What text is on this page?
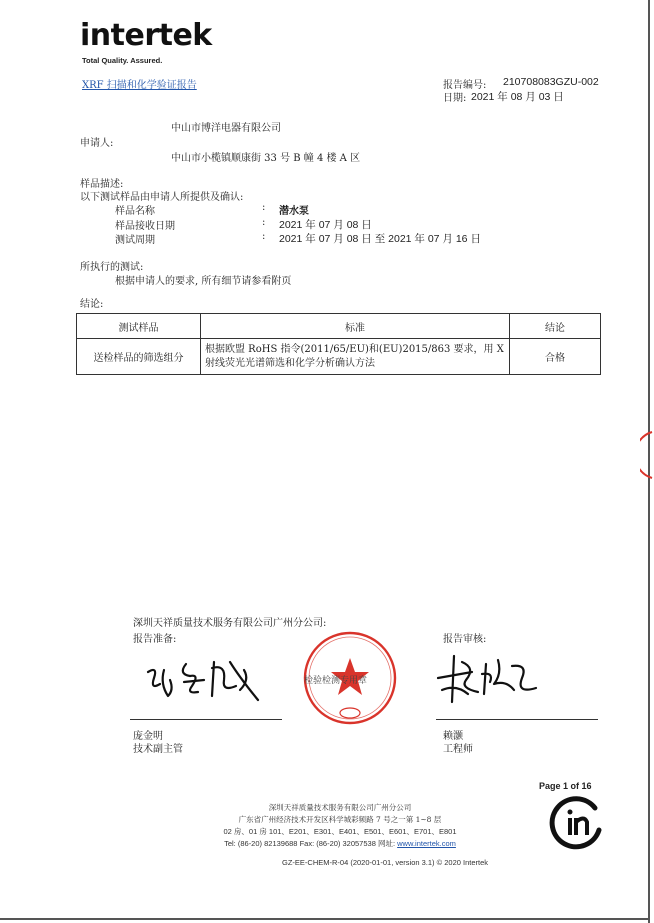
intertek
Total Quality. Assured.
XRF 扫描和化学验证报告	报告编号: 210708083GZU-002
日期: 2021 年 08 月 03 日
中山市博洋电器有限公司
申请人:
中山市小榄镇顺康街 33 号 B 幢 4 楼 A 区
样品描述:
以下测试样品由申请人所提供及确认:
样品名称	: 潜水泵
样品接收日期	: 2021 年 07 月 08 日
测试周期	: 2021 年 07 月 08 日 至 2021 年 07 月 16 日
所执行的测试:
根据申请人的要求, 所有细节请参看附页
结论:
测试样品	标准	结论
送检样品的筛选组分	根据欧盟 RoHS 指令(2011/65/EU)和(EU)2015/863 要求，用 X 射线荧光光谱筛选和化学分析确认方法	合格
深圳天祥质量技术服务有限公司广州分公司:
报告准备:	报告审核:
检验检测专用章
庞金明
技术副主管
赖灏
工程师
Page 1 of 16
深圳天祥质量技术服务有限公司广州分公司
广东省广州经济技术开发区科学城彩频路 7 号之一第 1~8 层
02 房、01 房 101、E201、E301、E401、E501、E601、E701、E801
Tel: (86-20) 82139688 Fax: (86-20) 32057538 网址: www.intertek.com
GZ-EE-CHEM-R-04 (2020-01-01, version 3.1) © 2020 Intertek
